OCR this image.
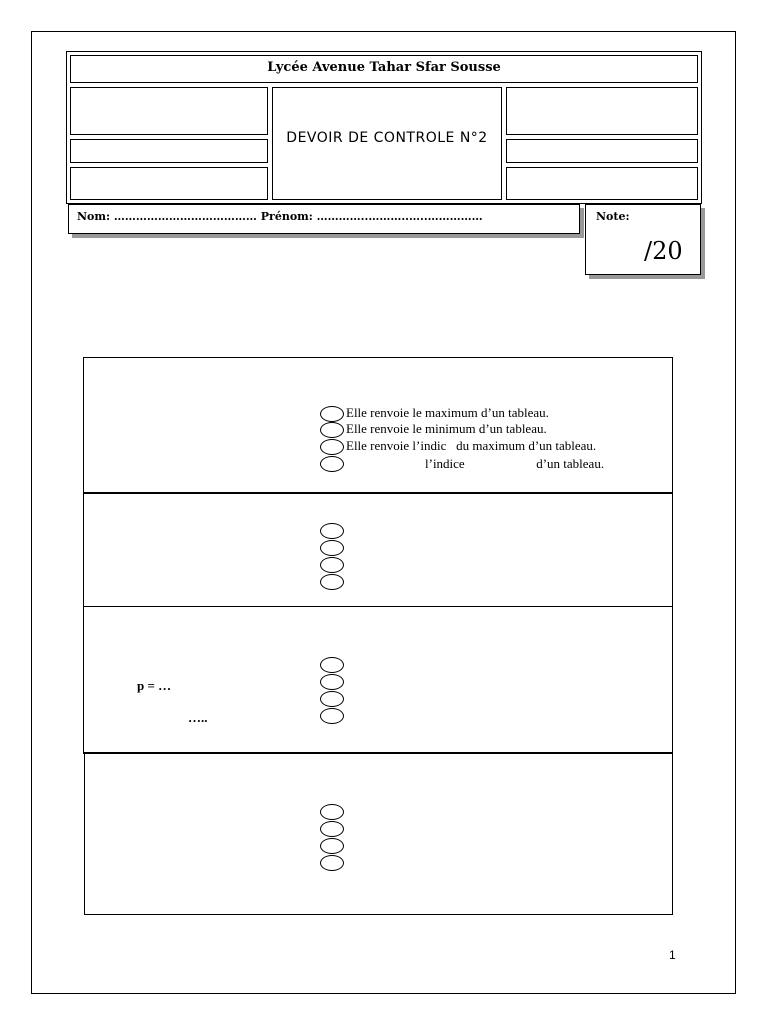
Lycée Avenue Tahar Sfar Sousse
DEVOIR DE CONTROLE N°2
Nom: ………………………………… Prénom: …………..………..…..……………	Note:
/20
Elle renvoie le maximum d’un tableau.
Elle renvoie le minimum d’un tableau.
Elle renvoie l’indic   du maximum d’un tableau.
l’indice                      d’un tableau.
p = …
…..
1
